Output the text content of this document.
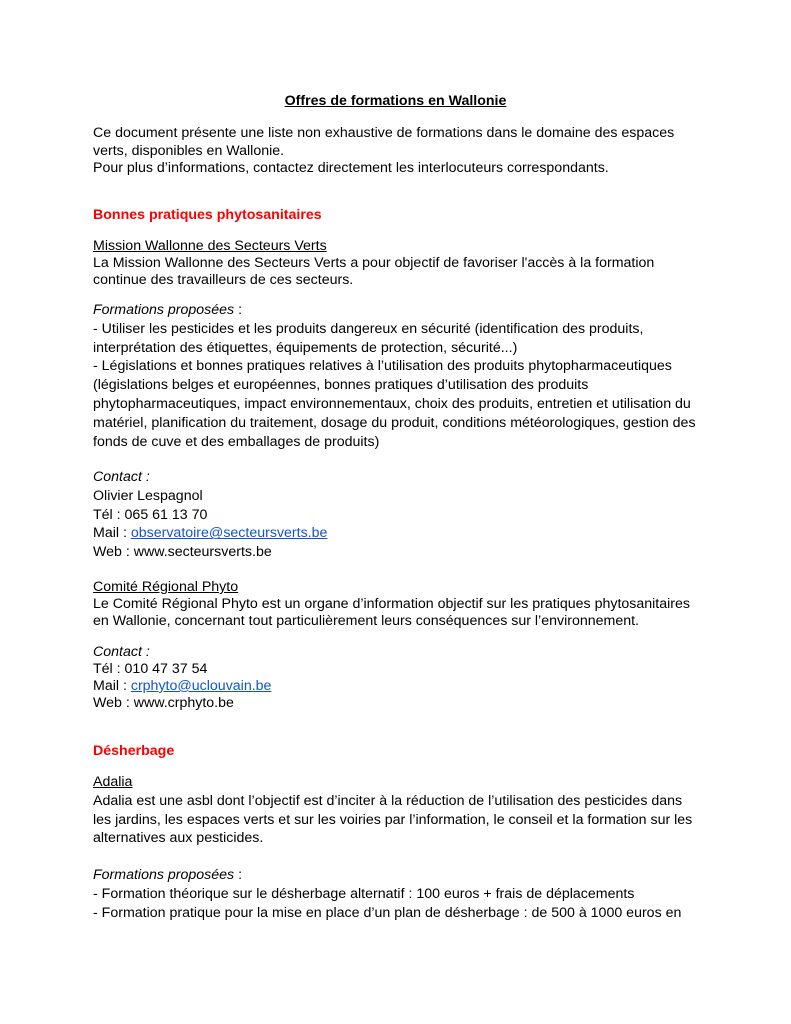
Offres de formations en Wallonie
Ce document présente une liste non exhaustive de formations dans le domaine des espaces
verts, disponibles en Wallonie.
Pour plus d’informations, contactez directement les interlocuteurs correspondants.
Bonnes pratiques phytosanitaires
Mission Wallonne des Secteurs Verts
La Mission Wallonne des Secteurs Verts a pour objectif de favoriser l'accès à la formation
continue des travailleurs de ces secteurs.
Formations proposées :
- Utiliser les pesticides et les produits dangereux en sécurité (identification des produits,
interprétation des étiquettes, équipements de protection, sécurité...)
- Législations et bonnes pratiques relatives à l’utilisation des produits phytopharmaceutiques
(législations belges et européennes, bonnes pratiques d’utilisation des produits
phytopharmaceutiques, impact environnementaux, choix des produits, entretien et utilisation du
matériel, planification du traitement, dosage du produit, conditions météorologiques, gestion des
fonds de cuve et des emballages de produits)
Contact :
Olivier Lespagnol
Tél : 065 61 13 70
Mail : observatoire@secteursverts.be
Web : www.secteursverts.be
Comité Régional Phyto
Le Comité Régional Phyto est un organe d’information objectif sur les pratiques phytosanitaires
en Wallonie, concernant tout particulièrement leurs conséquences sur l’environnement.
Contact :
Tél : 010 47 37 54
Mail : crphyto@uclouvain.be
Web : www.crphyto.be
Désherbage
Adalia
Adalia est une asbl dont l’objectif est d’inciter à la réduction de l’utilisation des pesticides dans
les jardins, les espaces verts et sur les voiries par l’information, le conseil et la formation sur les
alternatives aux pesticides.
Formations proposées :
- Formation théorique sur le désherbage alternatif : 100 euros + frais de déplacements
- Formation pratique pour la mise en place d’un plan de désherbage : de 500 à 1000 euros en
